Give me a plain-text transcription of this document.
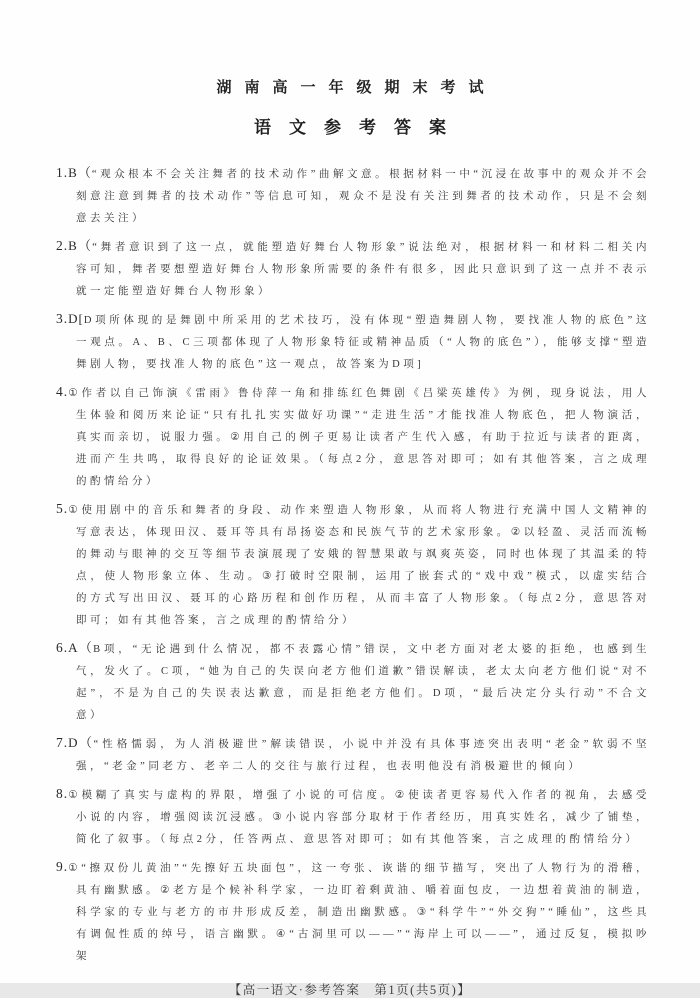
湖南高一年级期末考试
语文参考答案
1.B（“观众根本不会关注舞者的技术动作”曲解文意。根据材料一中“沉浸在故事中的观众并不会刻意注意到舞者的技术动作”等信息可知，观众不是没有关注到舞者的技术动作，只是不会刻意去关注）
2.B（“舞者意识到了这一点，就能塑造好舞台人物形象”说法绝对，根据材料一和材料二相关内容可知，舞者要想塑造好舞台人物形象所需要的条件有很多，因此只意识到了这一点并不表示就一定能塑造好舞台人物形象）
3.D[D项所体现的是舞剧中所采用的艺术技巧，没有体现“塑造舞剧人物，要找准人物的底色”这一观点。A、B、C三项都体现了人物形象特征或精神品质（“人物的底色”），能够支撑“塑造舞剧人物，要找准人物的底色”这一观点，故答案为D项]
4.①作者以自己饰演《雷雨》鲁侍萍一角和排练红色舞剧《吕梁英雄传》为例，现身说法，用人生体验和阅历来论证“只有扎扎实实做好功课”“走进生活”才能找准人物底色，把人物演活，真实而亲切，说服力强。②用自己的例子更易让读者产生代入感，有助于拉近与读者的距离，进而产生共鸣，取得良好的论证效果。（每点2分，意思答对即可；如有其他答案，言之成理的酌情给分）
5.①使用剧中的音乐和舞者的身段、动作来塑造人物形象，从而将人物进行充满中国人文精神的写意表达，体现田汉、聂耳等具有昂扬姿态和民族气节的艺术家形象。②以轻盈、灵活而流畅的舞动与眼神的交互等细节表演展现了安娥的智慧果敢与飒爽英姿，同时也体现了其温柔的特点，使人物形象立体、生动。③打破时空限制，运用了嵌套式的“戏中戏”模式，以虚实结合的方式写出田汉、聂耳的心路历程和创作历程，从而丰富了人物形象。（每点2分，意思答对即可；如有其他答案，言之成理的酌情给分）
6.A（B项，“无论遇到什么情况，都不表露心情”错误，文中老方面对老太婆的拒绝，也感到生气，发火了。C项，“她为自己的失误向老方他们道歉”错误解读，老太太向老方他们说“对不起”，不是为自己的失误表达歉意，而是拒绝老方他们。D项，“最后决定分头行动”不合文意）
7.D（“性格懦弱，为人消极避世”解读错误，小说中并没有具体事迹突出表明“老金”软弱不坚强，“老金”同老方、老辛二人的交往与旅行过程，也表明他没有消极避世的倾向）
8.①模糊了真实与虚构的界限，增强了小说的可信度。②使读者更容易代入作者的视角，去感受小说的内容，增强阅读沉浸感。③小说内容部分取材于作者经历，用真实姓名，减少了铺垫，简化了叙事。（每点2分，任答两点、意思答对即可；如有其他答案，言之成理的酌情给分）
9.①“擦双份儿黄油”“先擦好五块面包”，这一夸张、诙谐的细节描写，突出了人物行为的滑稽，具有幽默感。②老方是个候补科学家，一边盯着剩黄油、嚼着面包皮，一边想着黄油的制造，科学家的专业与老方的市井形成反差，制造出幽默感。③“科学牛”“外交狗”“睡仙”，这些具有调侃性质的绰号，语言幽默。④“古洞里可以——”“海岸上可以——”，通过反复，模拟吵架
【高一语文·参考答案　第1页(共5页)】
